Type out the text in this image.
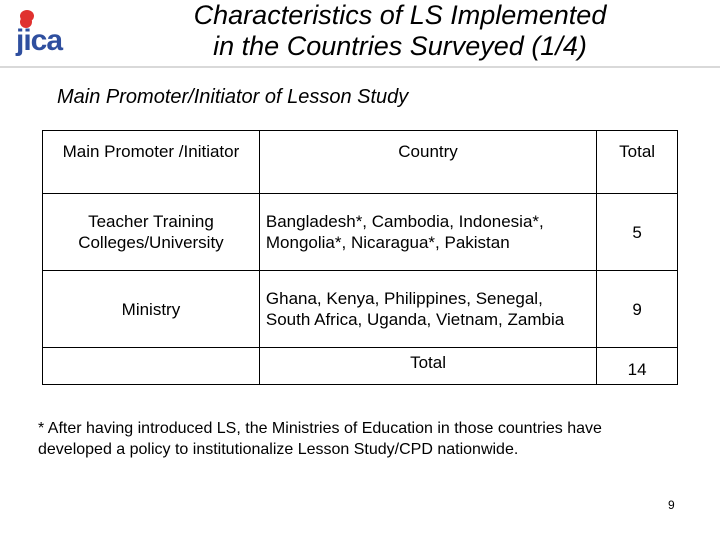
jica
Characteristics of LS Implemented
in the Countries Surveyed (1/4)
Main Promoter/Initiator of Lesson Study
Main Promoter /Initiator	Country	Total
Teacher Training Colleges/University	Bangladesh*, Cambodia, Indonesia*, Mongolia*, Nicaragua*, Pakistan	5
Ministry	Ghana, Kenya, Philippines, Senegal, South Africa, Uganda, Vietnam, Zambia	9
	Total	14
* After having introduced LS, the Ministries of Education in those countries have developed a policy to institutionalize Lesson Study/CPD nationwide.
9
